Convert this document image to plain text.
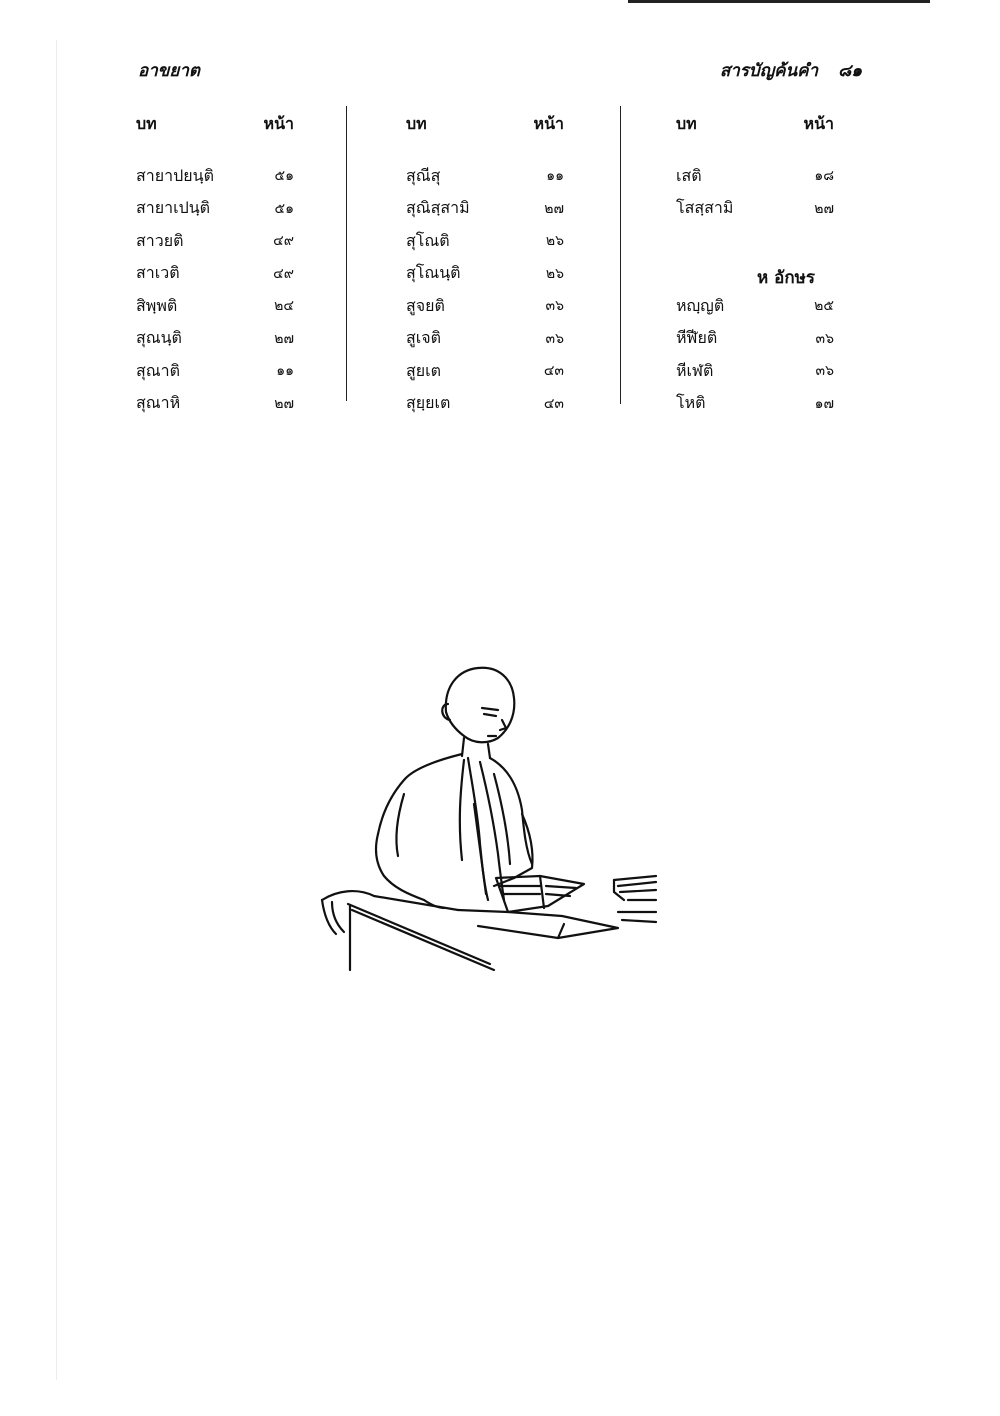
อาขยาต	สารบัญค้นคำ ๘๑
บท	หน้า
สายาปยนฺติ	๕๑
สายาเปนฺติ	๕๑
สาวยติ	๔๙
สาเวติ	๔๙
สิพฺพติ	๒๔
สุณนฺติ	๒๗
สุณาติ	๑๑
สุณาหิ	๒๗
บท	หน้า
สุณีสุ	๑๑
สุณิสฺสามิ	๒๗
สุโณติ	๒๖
สุโณนฺติ	๒๖
สูจยติ	๓๖
สูเจติ	๓๖
สูยเต	๔๓
สุยฺยเต	๔๓
บท	หน้า
เสติ	๑๘
โสสฺสามิ	๒๗
ห อักษร
หญฺญติ	๒๕
หีฬียติ	๓๖
หีเฬติ	๓๖
โหติ	๑๗
